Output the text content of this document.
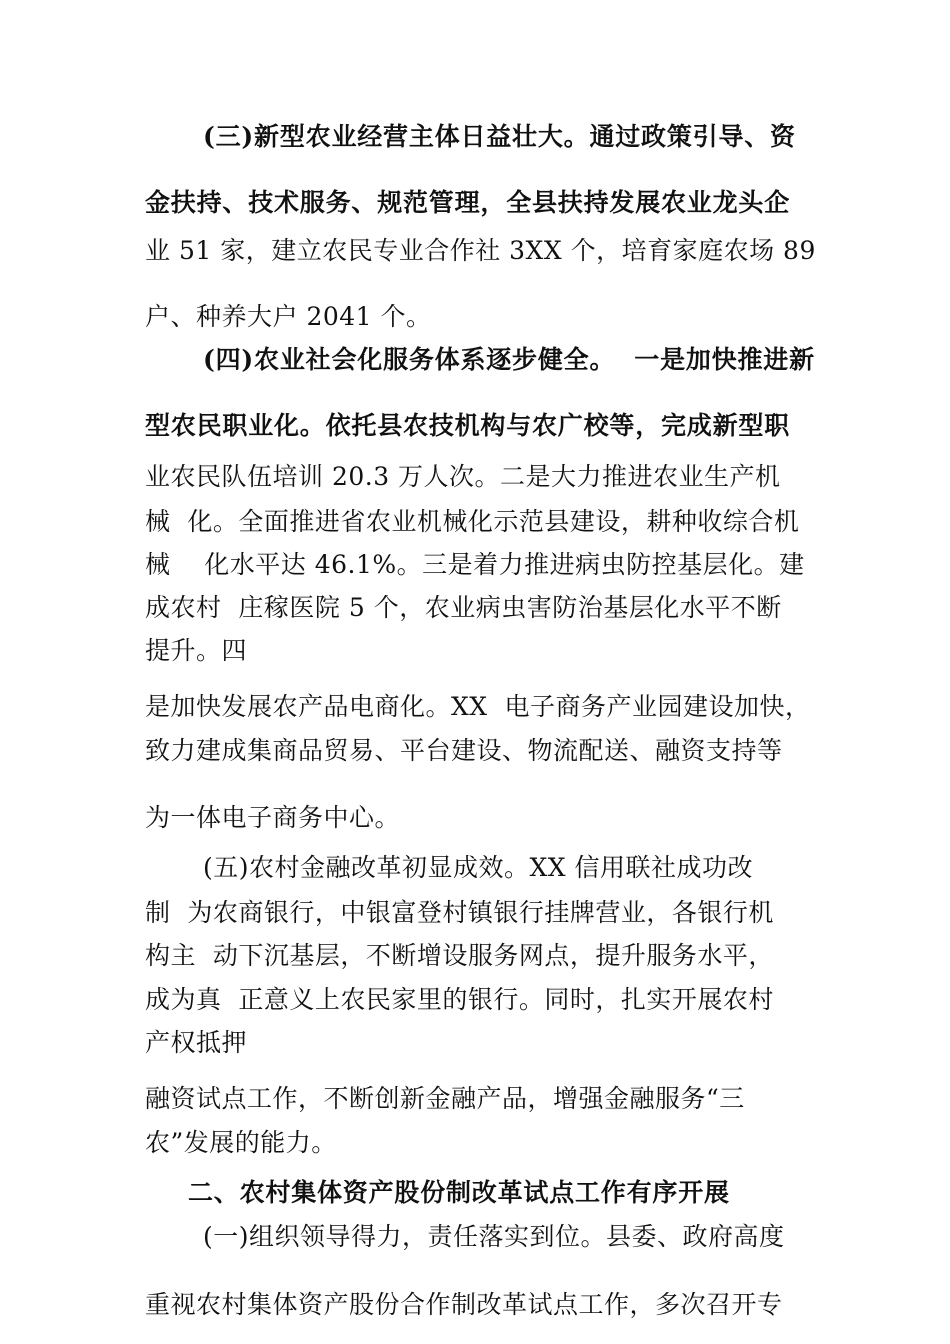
(三)新型农业经营主体日益壮大。通过政策引导、资
金扶持、技术服务、规范管理，全县扶持发展农业龙头企
业 51 家，建立农民专业合作社 3XX 个，培育家庭农场 89
户、种养大户 2041 个。
(四)农业社会化服务体系逐步健全。  一是加快推进新
型农民职业化。依托县农技机构与农广校等，完成新型职
业农民队伍培训 20.3 万人次。二是大力推进农业生产机
械  化。全面推进省农业机械化示范县建设，耕种收综合机
械    化水平达 46.1%。三是着力推进病虫防控基层化。建
成农村  庄稼医院 5 个，农业病虫害防治基层化水平不断
提升。四
是加快发展农产品电商化。XX  电子商务产业园建设加快，
致力建成集商品贸易、平台建设、物流配送、融资支持等
为一体电子商务中心。
(五)农村金融改革初显成效。XX 信用联社成功改
制  为农商银行，中银富登村镇银行挂牌营业，各银行机
构主  动下沉基层，不断增设服务网点，提升服务水平，
成为真  正意义上农民家里的银行。同时，扎实开展农村
产权抵押
融资试点工作，不断创新金融产品，增强金融服务“三
农”发展的能力。
二、农村集体资产股份制改革试点工作有序开展
(一)组织领导得力，责任落实到位。县委、政府高度
重视农村集体资产股份合作制改革试点工作，多次召开专
